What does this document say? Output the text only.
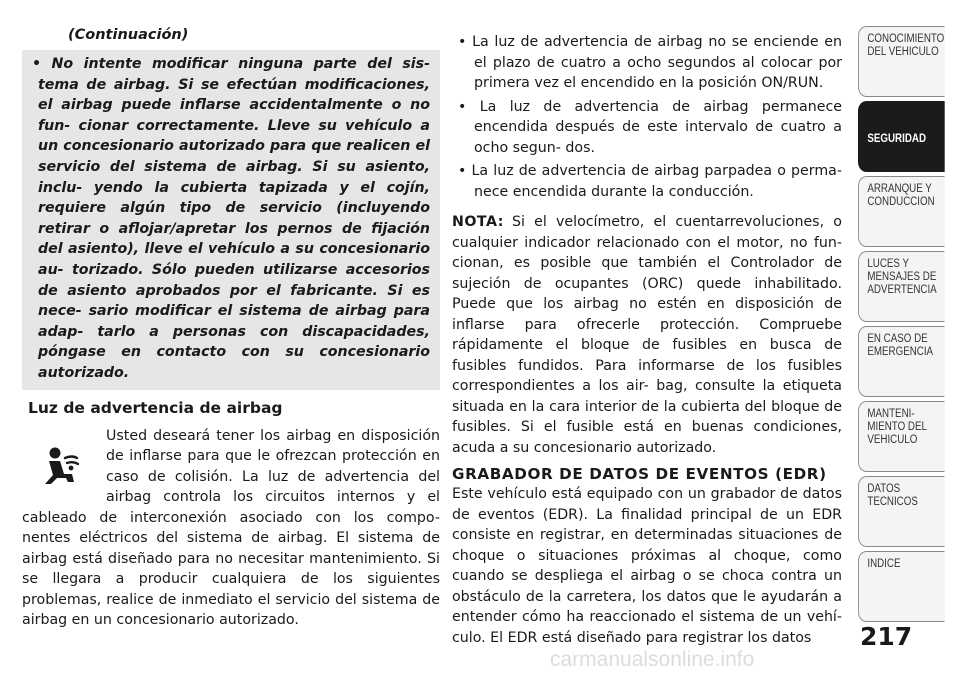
(Continuación)
• No intente modificar ninguna parte del sis- tema de airbag. Si se efectúan modificaciones, el airbag puede inflarse accidentalmente o no fun- cionar correctamente. Lleve su vehículo a un concesionario autorizado para que realicen el servicio del sistema de airbag. Si su asiento, inclu- yendo la cubierta tapizada y el cojín, requiere algún tipo de servicio (incluyendo retirar o aflojar/apretar los pernos de fijación del asiento), lleve el vehículo a su concesionario au- torizado. Sólo pueden utilizarse accesorios de asiento aprobados por el fabricante. Si es nece- sario modificar el sistema de airbag para adap- tarlo a personas con discapacidades, póngase en contacto con su concesionario autorizado.
Luz de advertencia de airbag
Usted deseará tener los airbag en disposición de inflarse para que le ofrezcan protección en caso de colisión. La luz de advertencia del airbag controla los circuitos internos y el cableado de interconexión asociado con los compo- nentes eléctricos del sistema de airbag. El sistema de airbag está diseñado para no necesitar mantenimiento. Si se llegara a producir cualquiera de los siguientes problemas, realice de inmediato el servicio del sistema de airbag en un concesionario autorizado.
• La luz de advertencia de airbag no se enciende en el plazo de cuatro a ocho segundos al colocar por primera vez el encendido en la posición ON/RUN.
• La luz de advertencia de airbag permanece encendida después de este intervalo de cuatro a ocho segun- dos.
• La luz de advertencia de airbag parpadea o perma- nece encendida durante la conducción.
NOTA: Si el velocímetro, el cuentarrevoluciones, o cualquier indicador relacionado con el motor, no fun- cionan, es posible que también el Controlador de sujeción de ocupantes (ORC) quede inhabilitado. Puede que los airbag no estén en disposición de inflarse para ofrecerle protección. Compruebe rápidamente el bloque de fusibles en busca de fusibles fundidos. Para informarse de los fusibles correspondientes a los air- bag, consulte la etiqueta situada en la cara interior de la cubierta del bloque de fusibles. Si el fusible está en buenas condiciones, acuda a su concesionario autorizado.
GRABADOR DE DATOS DE EVENTOS (EDR)
Este vehículo está equipado con un grabador de datos de eventos (EDR). La finalidad principal de un EDR consiste en registrar, en determinadas situaciones de choque o situaciones próximas al choque, como cuando se despliega el airbag o se choca contra un obstáculo de la carretera, los datos que le ayudarán a entender cómo ha reaccionado el sistema de un vehí- culo. El EDR está diseñado para registrar los datos
CONOCIMIENTO
DEL VEHICULO
SEGURIDAD
ARRANQUE Y
CONDUCCION
LUCES Y
MENSAJES DE
ADVERTENCIA
EN CASO DE
EMERGENCIA
MANTENI-
MIENTO DEL
VEHICULO
DATOS
TECNICOS
INDICE
217
carmanualsonline.info
